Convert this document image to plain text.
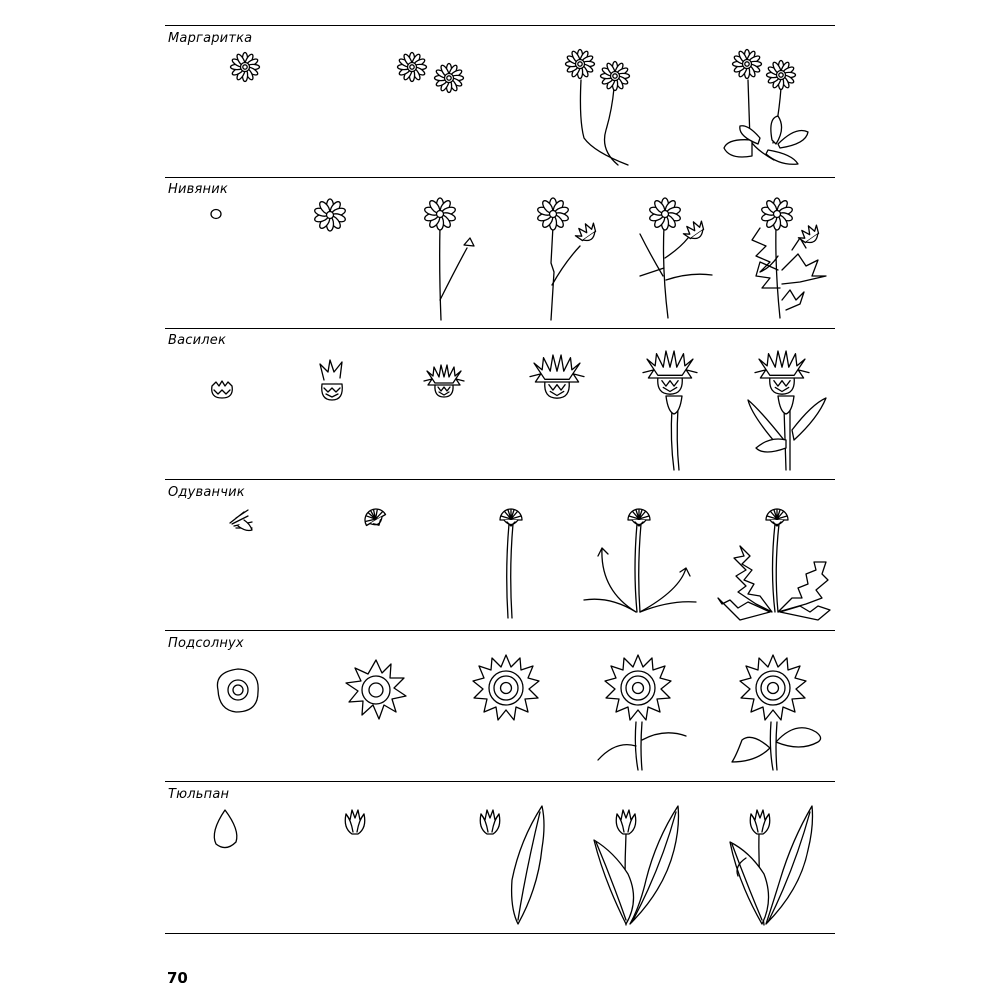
Маргаритка
Нивяник
Василек
Одуванчик
Подсолнух
Тюльпан
70
